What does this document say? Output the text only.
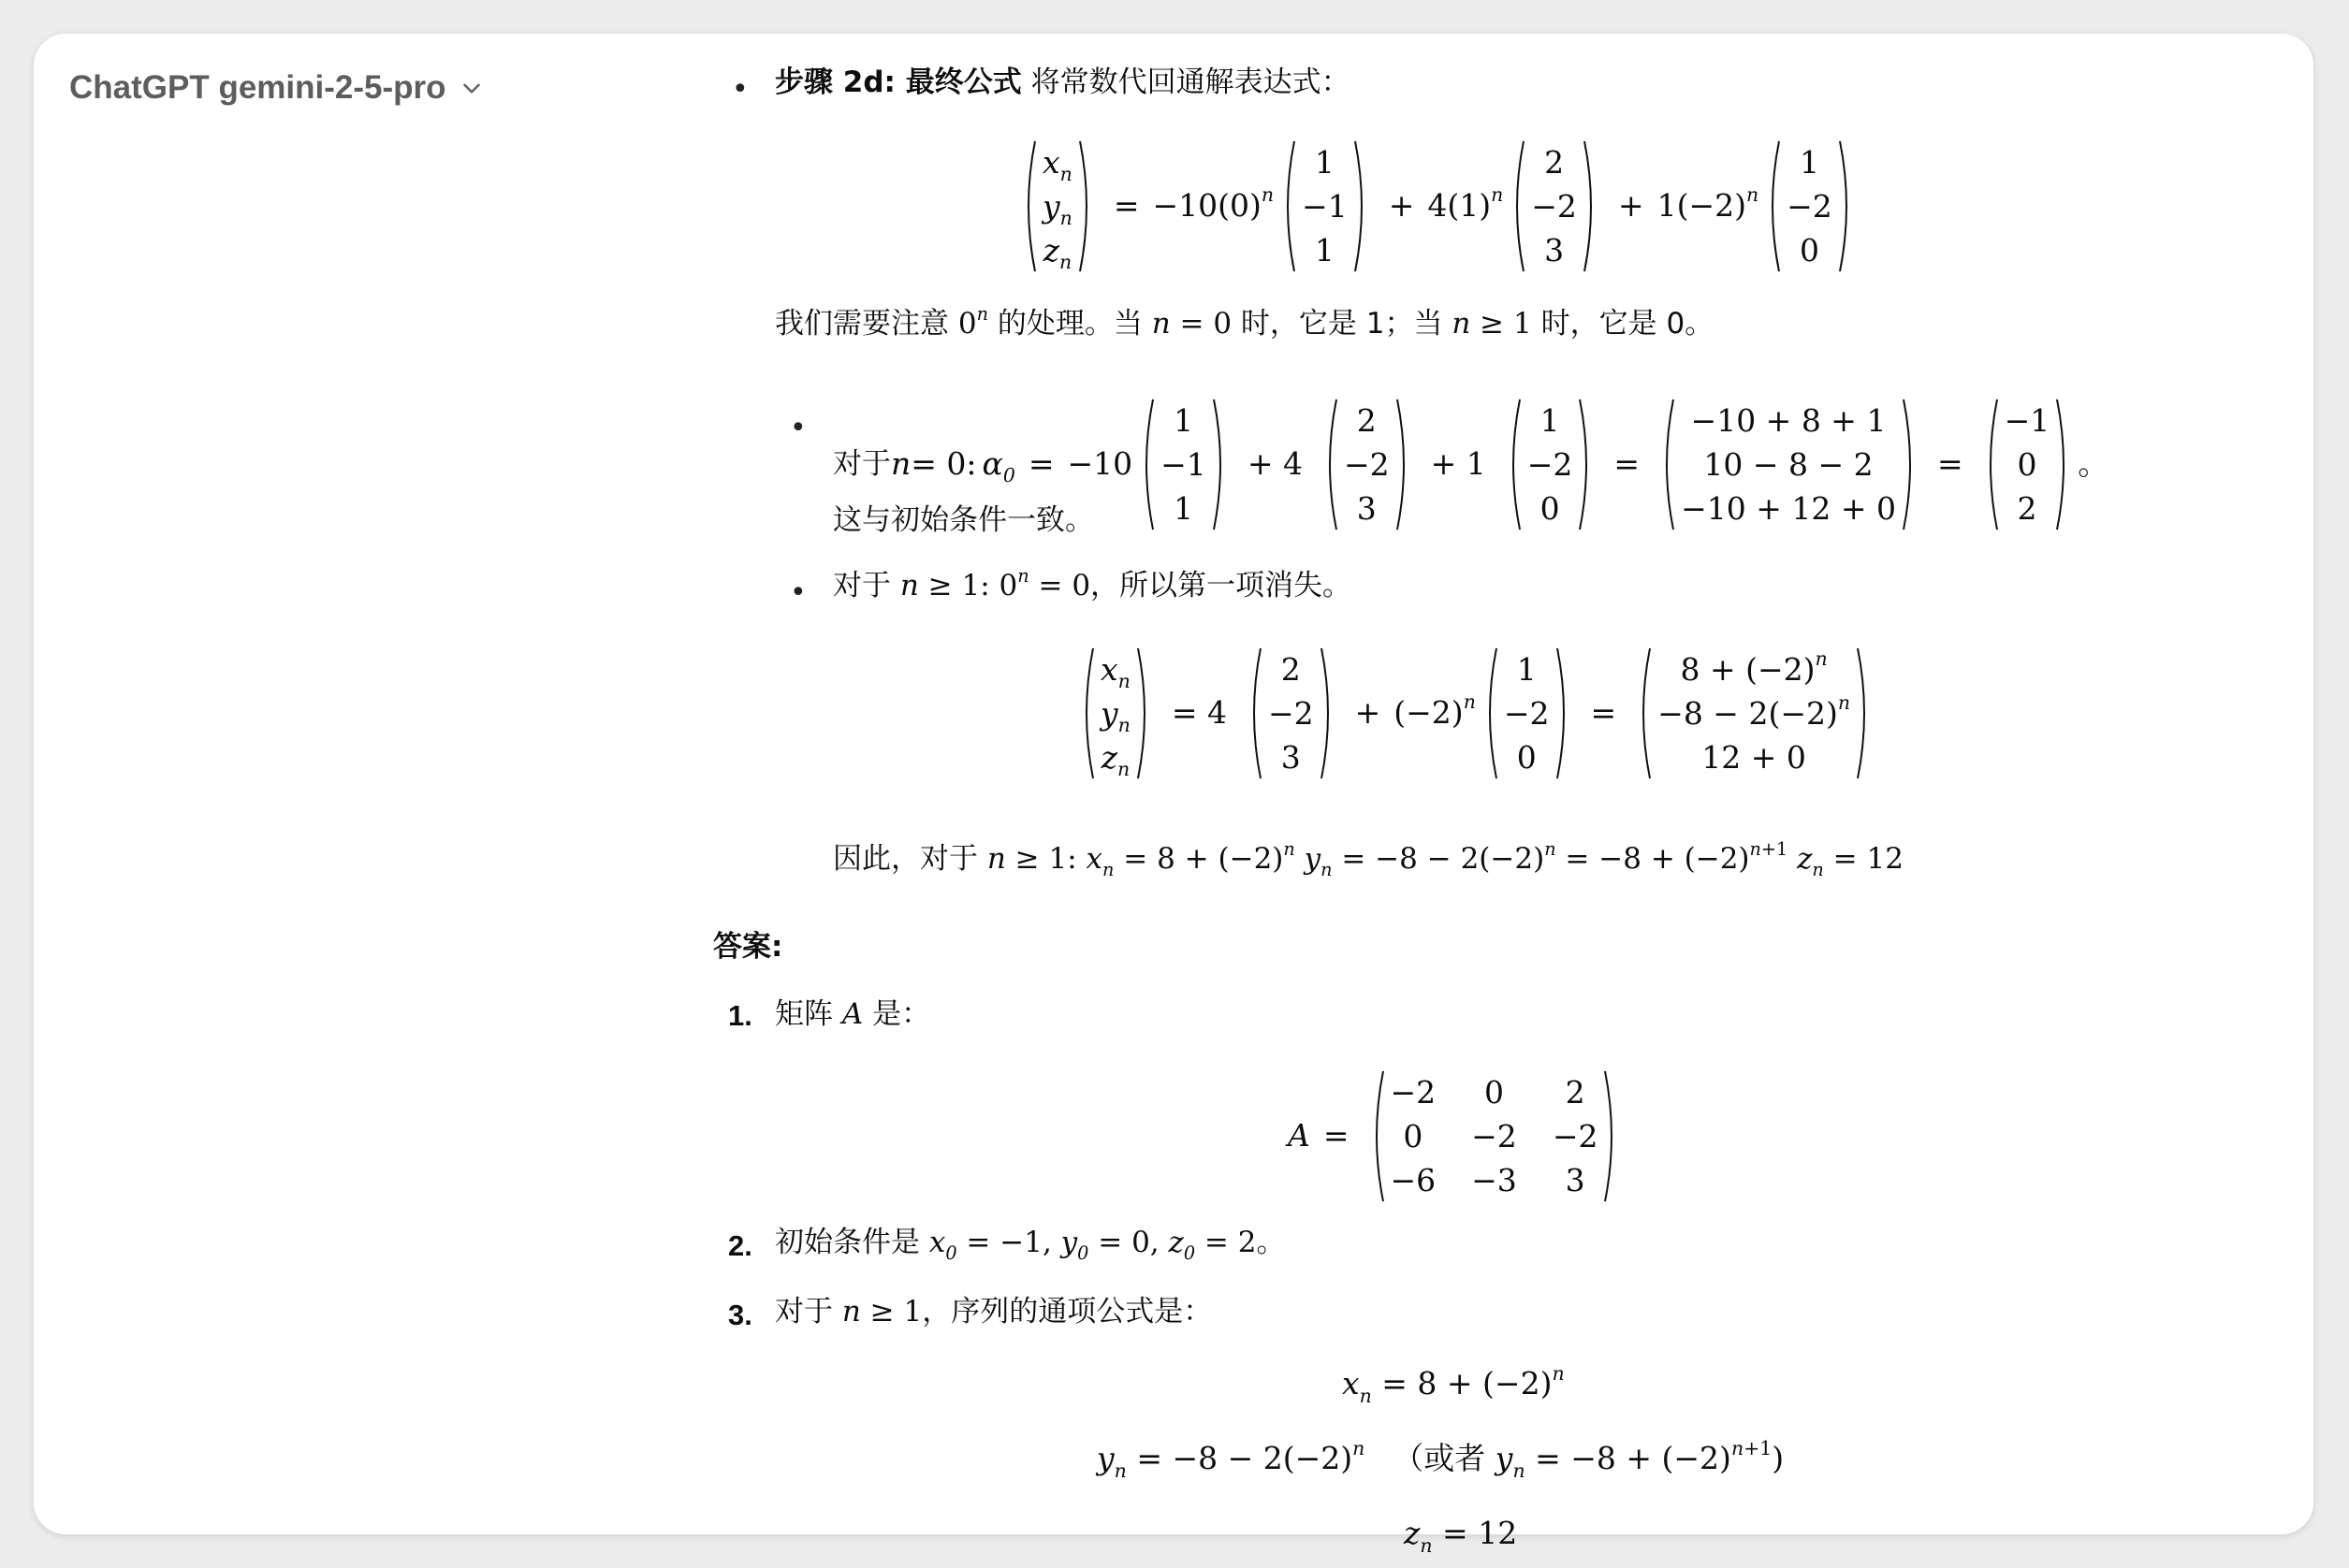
ChatGPT gemini-2-5-pro	• 步骤 2d: 最终公式 将常数代回通解表达式：
$x_n$
$y_n$
$z_n$
= $-10(0)^n$
1
−1
1
+ $4(1)^n$
2
−2
3
+ $1(-2)^n$
1
−2
0
我们需要注意 0$^n$ 的处理。当 n = 0 时，它是 1；当 n ≥ 1 时，它是 0。
•
对于 n = 0: $\alpha_0 = -10$
1
−1
1
+ 4
2
−2
3
+ 1
1
−2
0
=
−10 + 8 + 1
10 − 8 − 2
−10 + 12 + 0
=
−1
0
2
。
这与初始条件一致。
• 对于 n ≥ 1: $0^n = 0$，所以第一项消失。
$x_n$
$y_n$
$z_n$
= 4
2
−2
3
+ $(-2)^n$
1
−2
0
=
$8 + (-2)^n$
$-8 - 2(-2)^n$
12 + 0
因此，对于 n ≥ 1: $x_n = 8 + (-2)^n$ $y_n = -8 - 2(-2)^n = -8 + (-2)^{n+1}$ $z_n = 12$
答案:
1. 矩阵 A 是：
A =
−2	0	2
0	−2 −2
−6 −3	3
2. 初始条件是 $x_0 = -1$, $y_0 = 0$, $z_0 = 2$。
3. 对于 n ≥ 1，序列的通项公式是：
$x_n = 8 + (-2)^n$
$y_n = -8 - 2(-2)^n$ （或者 $y_n = -8 + (-2)^{n+1}$)
$z_n = 12$
